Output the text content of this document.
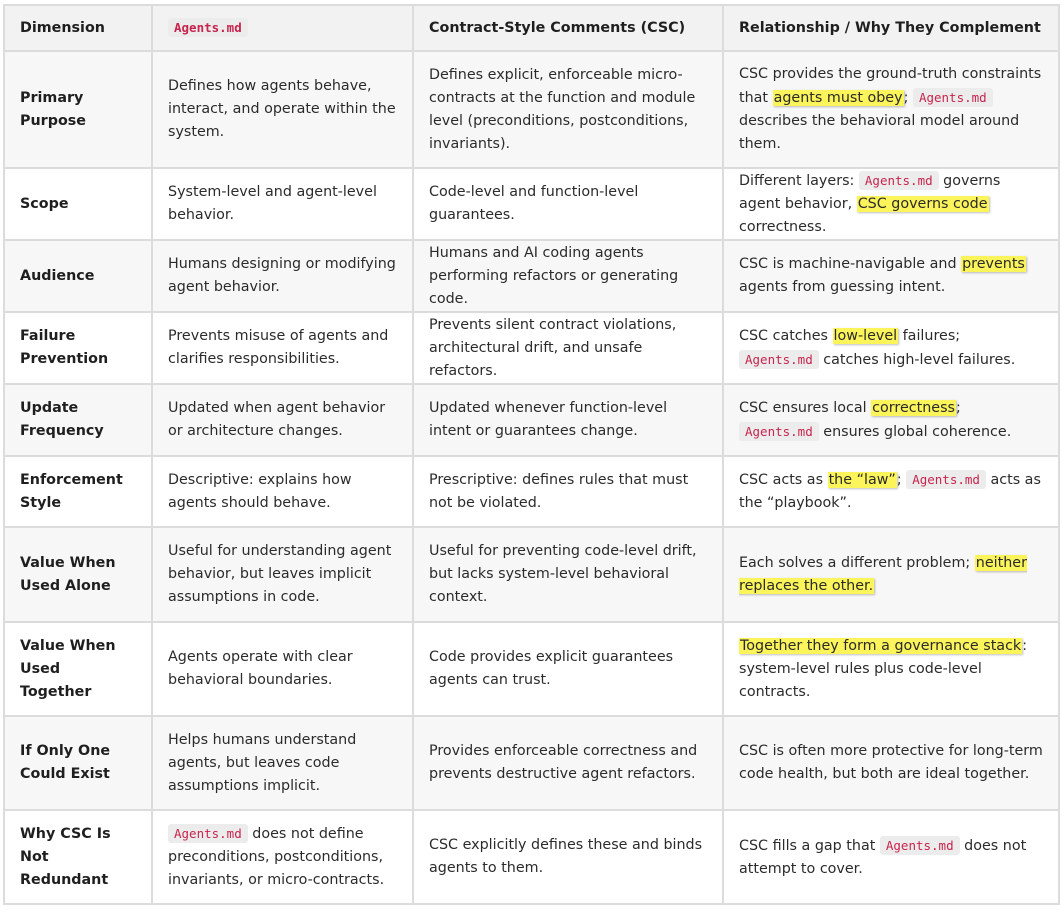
Dimension	Agents.md	Contract-Style Comments (CSC)	Relationship / Why They Complement
Primary Purpose	Defines how agents behave, interact, and operate within the system.	Defines explicit, enforceable micro-contracts at the function and module level (preconditions, postconditions, invariants).	CSC provides the ground-truth constraints that agents must obey; Agents.md describes the behavioral model around them.
Scope	System-level and agent-level behavior.	Code-level and function-level guarantees.	Different layers: Agents.md governs agent behavior, CSC governs code correctness.
Audience	Humans designing or modifying agent behavior.	Humans and AI coding agents performing refactors or generating code.	CSC is machine-navigable and prevents agents from guessing intent.
Failure Prevention	Prevents misuse of agents and clarifies responsibilities.	Prevents silent contract violations, architectural drift, and unsafe refactors.	CSC catches low-level failures; Agents.md catches high-level failures.
Update Frequency	Updated when agent behavior or architecture changes.	Updated whenever function-level intent or guarantees change.	CSC ensures local correctness; Agents.md ensures global coherence.
Enforcement Style	Descriptive: explains how agents should behave.	Prescriptive: defines rules that must not be violated.	CSC acts as the “law”; Agents.md acts as the “playbook”.
Value When Used Alone	Useful for understanding agent behavior, but leaves implicit assumptions in code.	Useful for preventing code-level drift, but lacks system-level behavioral context.	Each solves a different problem; neither replaces the other.
Value When Used Together	Agents operate with clear behavioral boundaries.	Code provides explicit guarantees agents can trust.	Together they form a governance stack: system-level rules plus code-level contracts.
If Only One Could Exist	Helps humans understand agents, but leaves code assumptions implicit.	Provides enforceable correctness and prevents destructive agent refactors.	CSC is often more protective for long-term code health, but both are ideal together.
Why CSC Is Not Redundant	Agents.md does not define preconditions, postconditions, invariants, or micro-contracts.	CSC explicitly defines these and binds agents to them.	CSC fills a gap that Agents.md does not attempt to cover.
